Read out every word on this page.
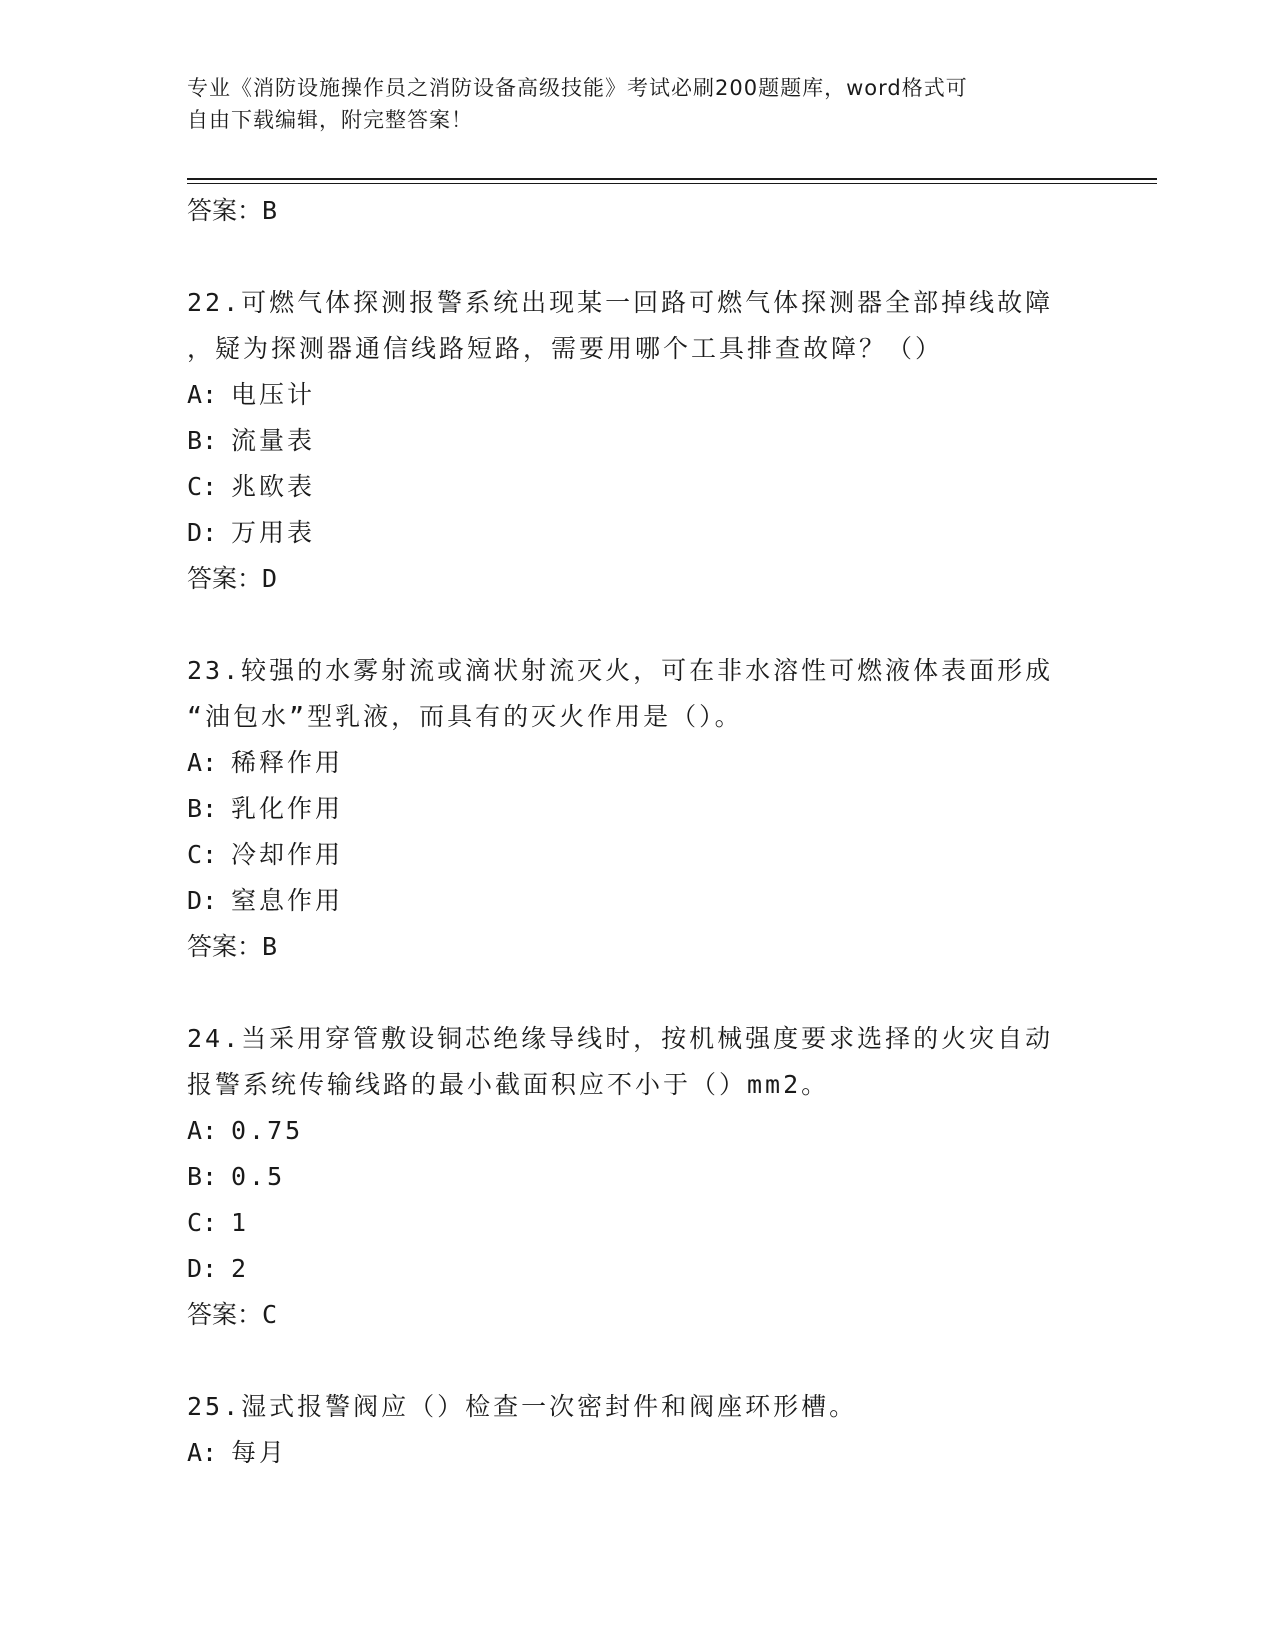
专业《消防设施操作员之消防设备高级技能》考试必刷200题题库，word格式可
自由下载编辑，附完整答案！
答案：B
22.可燃气体探测报警系统出现某一回路可燃气体探测器全部掉线故障
，疑为探测器通信线路短路，需要用哪个工具排查故障？（）
A: 电压计
B: 流量表
C: 兆欧表
D: 万用表
答案：D
23.较强的水雾射流或滴状射流灭火，可在非水溶性可燃液体表面形成
“油包水”型乳液，而具有的灭火作用是（）。
A: 稀释作用
B: 乳化作用
C: 冷却作用
D: 窒息作用
答案：B
24.当采用穿管敷设铜芯绝缘导线时，按机械强度要求选择的火灾自动
报警系统传输线路的最小截面积应不小于（）mm2。
A: 0.75
B: 0.5
C: 1
D: 2
答案：C
25.湿式报警阀应（）检查一次密封件和阀座环形槽。
A: 每月
